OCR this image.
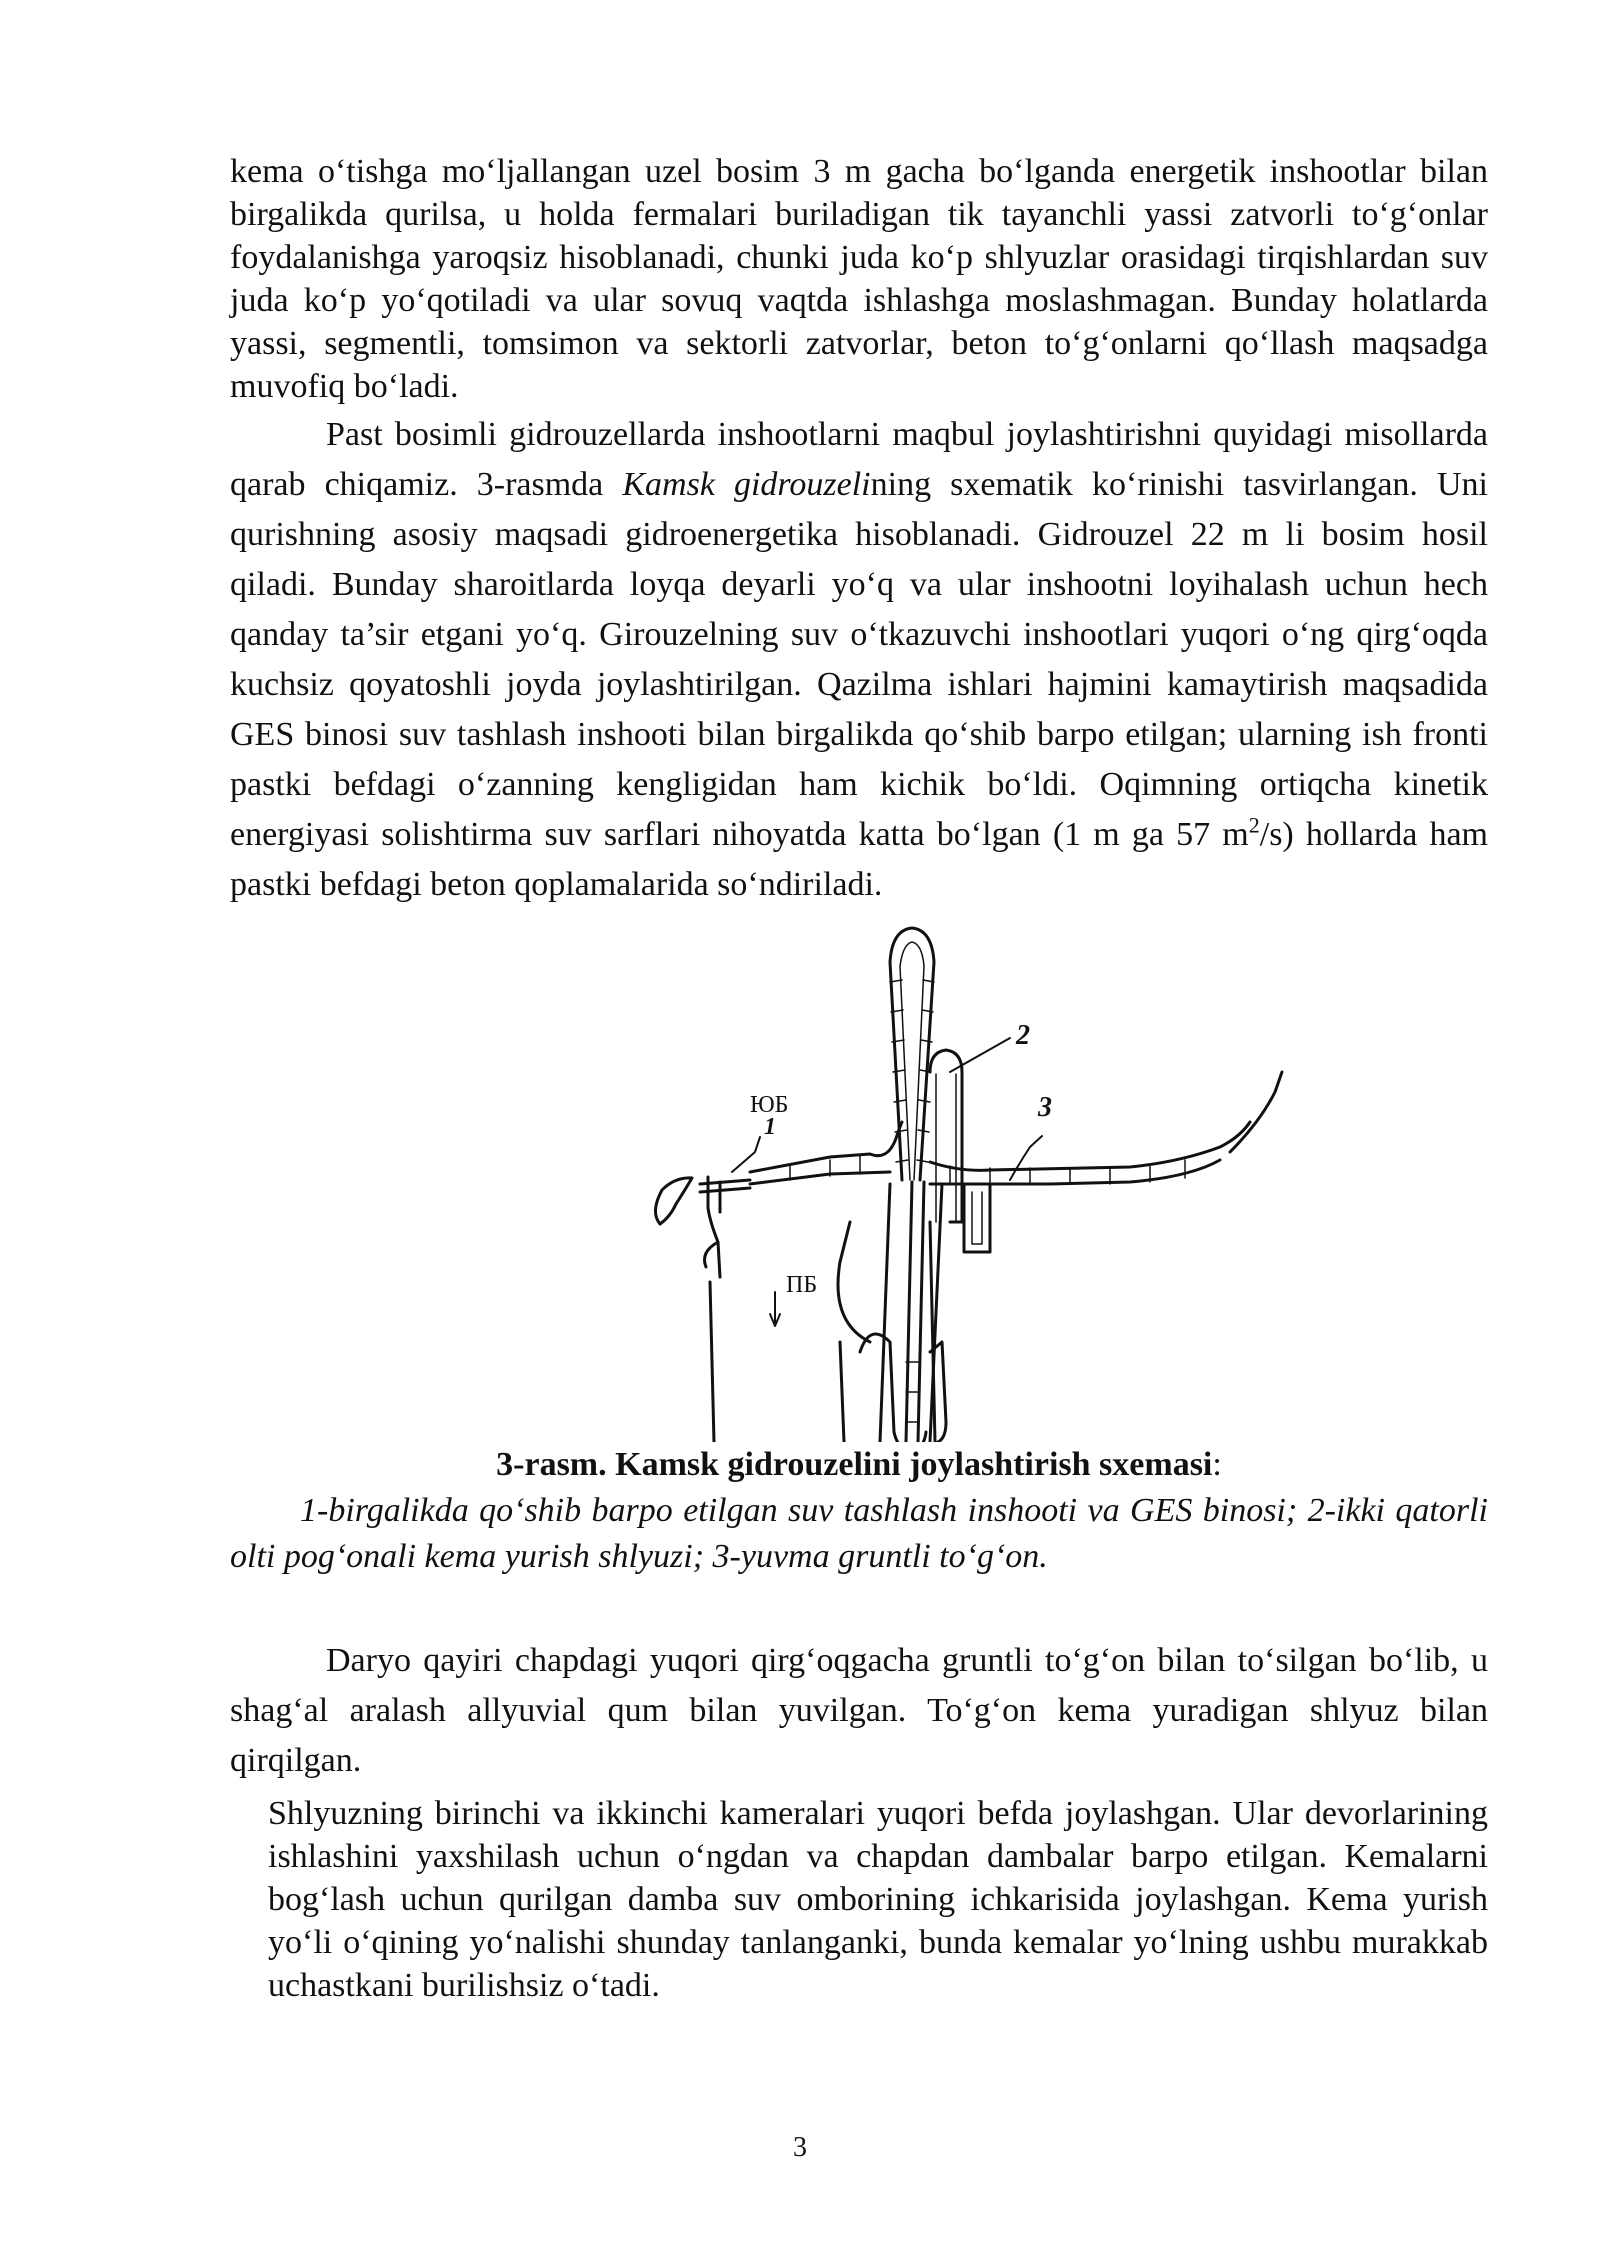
kema o‘tishga mo‘ljallangan uzel bosim 3 m gacha bo‘lganda energetik inshootlar bilan birgalikda qurilsa, u holda fermalari buriladigan tik tayanchli yassi zatvorli to‘g‘onlar foydalanishga yaroqsiz hisoblanadi, chunki juda ko‘p shlyuzlar orasidagi tirqishlardan suv juda ko‘p yo‘qotiladi va ular sovuq vaqtda ishlashga moslashmagan. Bunday holatlarda yassi, segmentli, tomsimon va sektorli zatvorlar, beton to‘g‘onlarni qo‘llash maqsadga muvofiq bo‘ladi.

Past bosimli gidrouzellarda inshootlarni maqbul joylashtirishni quyidagi misollarda qarab chiqamiz. 3-rasmda Kamsk gidrouzelining sxematik ko‘rinishi tasvirlangan. Uni qurishning asosiy maqsadi gidroenergetika hisoblanadi. Gidrouzel 22 m li bosim hosil qiladi. Bunday sharoitlarda loyqa deyarli yo‘q va ular inshootni loyihalash uchun hech qanday ta’sir etgani yo‘q. Girouzelning suv o‘tkazuvchi inshootlari yuqori o‘ng qirg‘oqda kuchsiz qoyatoshli joyda joylashtirilgan. Qazilma ishlari hajmini kamaytirish maqsadida GES binosi suv tashlash inshooti bilan birgalikda qo‘shib barpo etilgan; ularning ish fronti pastki befdagi o‘zanning kengligidan ham kichik bo‘ldi. Oqimning ortiqcha kinetik energiyasi solishtirma suv sarflari nihoyatda katta bo‘lgan (1 m ga 57 $m^2/s$) hollarda ham pastki befdagi beton qoplamalarida so‘ndiriladi.

ЮБ
ПБ
1
2
3

3-rasm. Kamsk gidrouzelini joylashtirish sxemasi:

1-birgalikda qo‘shib barpo etilgan suv tashlash inshooti va GES binosi; 2-ikki qatorli olti pog‘onali kema yurish shlyuzi; 3-yuvma gruntli to‘g‘on.

Daryo qayiri chapdagi yuqori qirg‘oqgacha gruntli to‘g‘on bilan to‘silgan bo‘lib, u shag‘al aralash allyuvial qum bilan yuvilgan. To‘g‘on kema yuradigan shlyuz bilan qirqilgan.

Shlyuzning birinchi va ikkinchi kameralari yuqori befda joylashgan. Ular devorlarining ishlashini yaxshilash uchun o‘ngdan va chapdan dambalar barpo etilgan. Kemalarni bog‘lash uchun qurilgan damba suv omborining ichkarisida joylashgan. Kema yurish yo‘li o‘qining yo‘nalishi shunday tanlanganki, bunda kemalar yo‘lning ushbu murakkab uchastkani burilishsiz o‘tadi.

3
